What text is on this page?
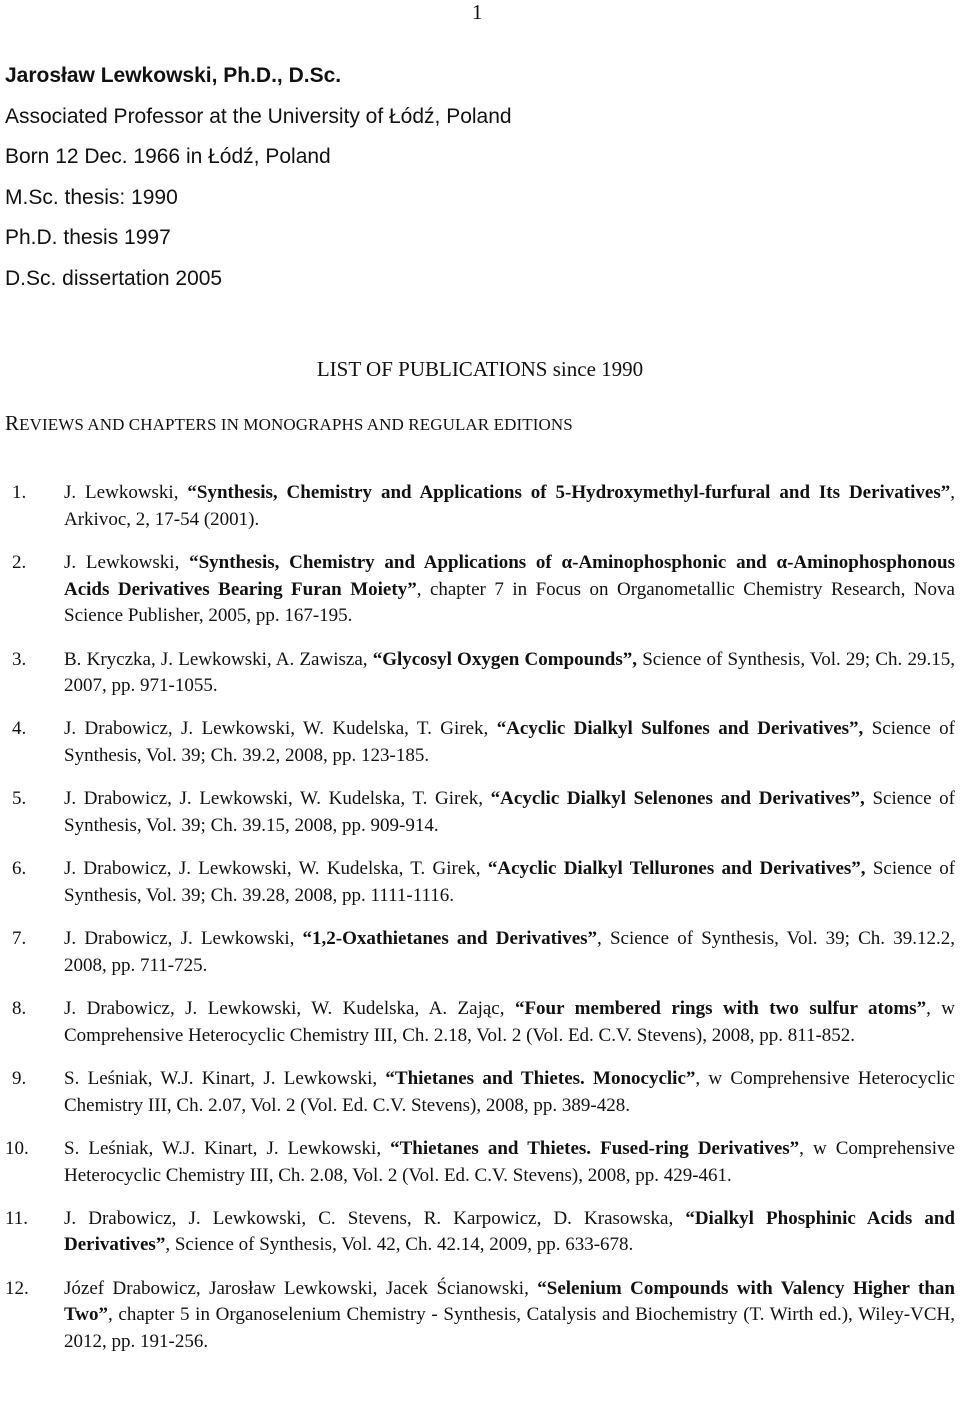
1
Jarosław Lewkowski, Ph.D., D.Sc.
Associated Professor at the University of Łódź, Poland
Born 12 Dec. 1966 in Łódź, Poland
M.Sc. thesis: 1990
Ph.D. thesis 1997
D.Sc. dissertation 2005
LIST OF PUBLICATIONS since 1990
REVIEWS AND CHAPTERS IN MONOGRAPHS AND REGULAR EDITIONS
1. J. Lewkowski, “Synthesis, Chemistry and Applications of 5-Hydroxymethyl-furfural and Its Derivatives”, Arkivoc, 2, 17-54 (2001).
2. J. Lewkowski, “Synthesis, Chemistry and Applications of α-Aminophosphonic and α-Aminophosphonous Acids Derivatives Bearing Furan Moiety”, chapter 7 in Focus on Organometallic Chemistry Research, Nova Science Publisher, 2005, pp. 167-195.
3. B. Kryczka, J. Lewkowski, A. Zawisza, “Glycosyl Oxygen Compounds”, Science of Synthesis, Vol. 29; Ch. 29.15, 2007, pp. 971-1055.
4. J. Drabowicz, J. Lewkowski, W. Kudelska, T. Girek, “Acyclic Dialkyl Sulfones and Derivatives”, Science of Synthesis, Vol. 39; Ch. 39.2, 2008, pp. 123-185.
5. J. Drabowicz, J. Lewkowski, W. Kudelska, T. Girek, “Acyclic Dialkyl Selenones and Derivatives”, Science of Synthesis, Vol. 39; Ch. 39.15, 2008, pp. 909-914.
6. J. Drabowicz, J. Lewkowski, W. Kudelska, T. Girek, “Acyclic Dialkyl Tellurones and Derivatives”, Science of Synthesis, Vol. 39; Ch. 39.28, 2008, pp. 1111-1116.
7. J. Drabowicz, J. Lewkowski, “1,2-Oxathietanes and Derivatives”, Science of Synthesis, Vol. 39; Ch. 39.12.2, 2008, pp. 711-725.
8. J. Drabowicz, J. Lewkowski, W. Kudelska, A. Zając, “Four membered rings with two sulfur atoms”, w Comprehensive Heterocyclic Chemistry III, Ch. 2.18, Vol. 2 (Vol. Ed. C.V. Stevens), 2008, pp. 811-852.
9. S. Leśniak, W.J. Kinart, J. Lewkowski, “Thietanes and Thietes. Monocyclic”, w Comprehensive Heterocyclic Chemistry III, Ch. 2.07, Vol. 2 (Vol. Ed. C.V. Stevens), 2008, pp. 389-428.
10. S. Leśniak, W.J. Kinart, J. Lewkowski, “Thietanes and Thietes. Fused-ring Derivatives”, w Comprehensive Heterocyclic Chemistry III, Ch. 2.08, Vol. 2 (Vol. Ed. C.V. Stevens), 2008, pp. 429-461.
11. J. Drabowicz, J. Lewkowski, C. Stevens, R. Karpowicz, D. Krasowska, “Dialkyl Phosphinic Acids and Derivatives”, Science of Synthesis, Vol. 42, Ch. 42.14, 2009, pp. 633-678.
12. Józef Drabowicz, Jarosław Lewkowski, Jacek Ścianowski, “Selenium Compounds with Valency Higher than Two”, chapter 5 in Organoselenium Chemistry - Synthesis, Catalysis and Biochemistry (T. Wirth ed.), Wiley-VCH, 2012, pp. 191-256.
